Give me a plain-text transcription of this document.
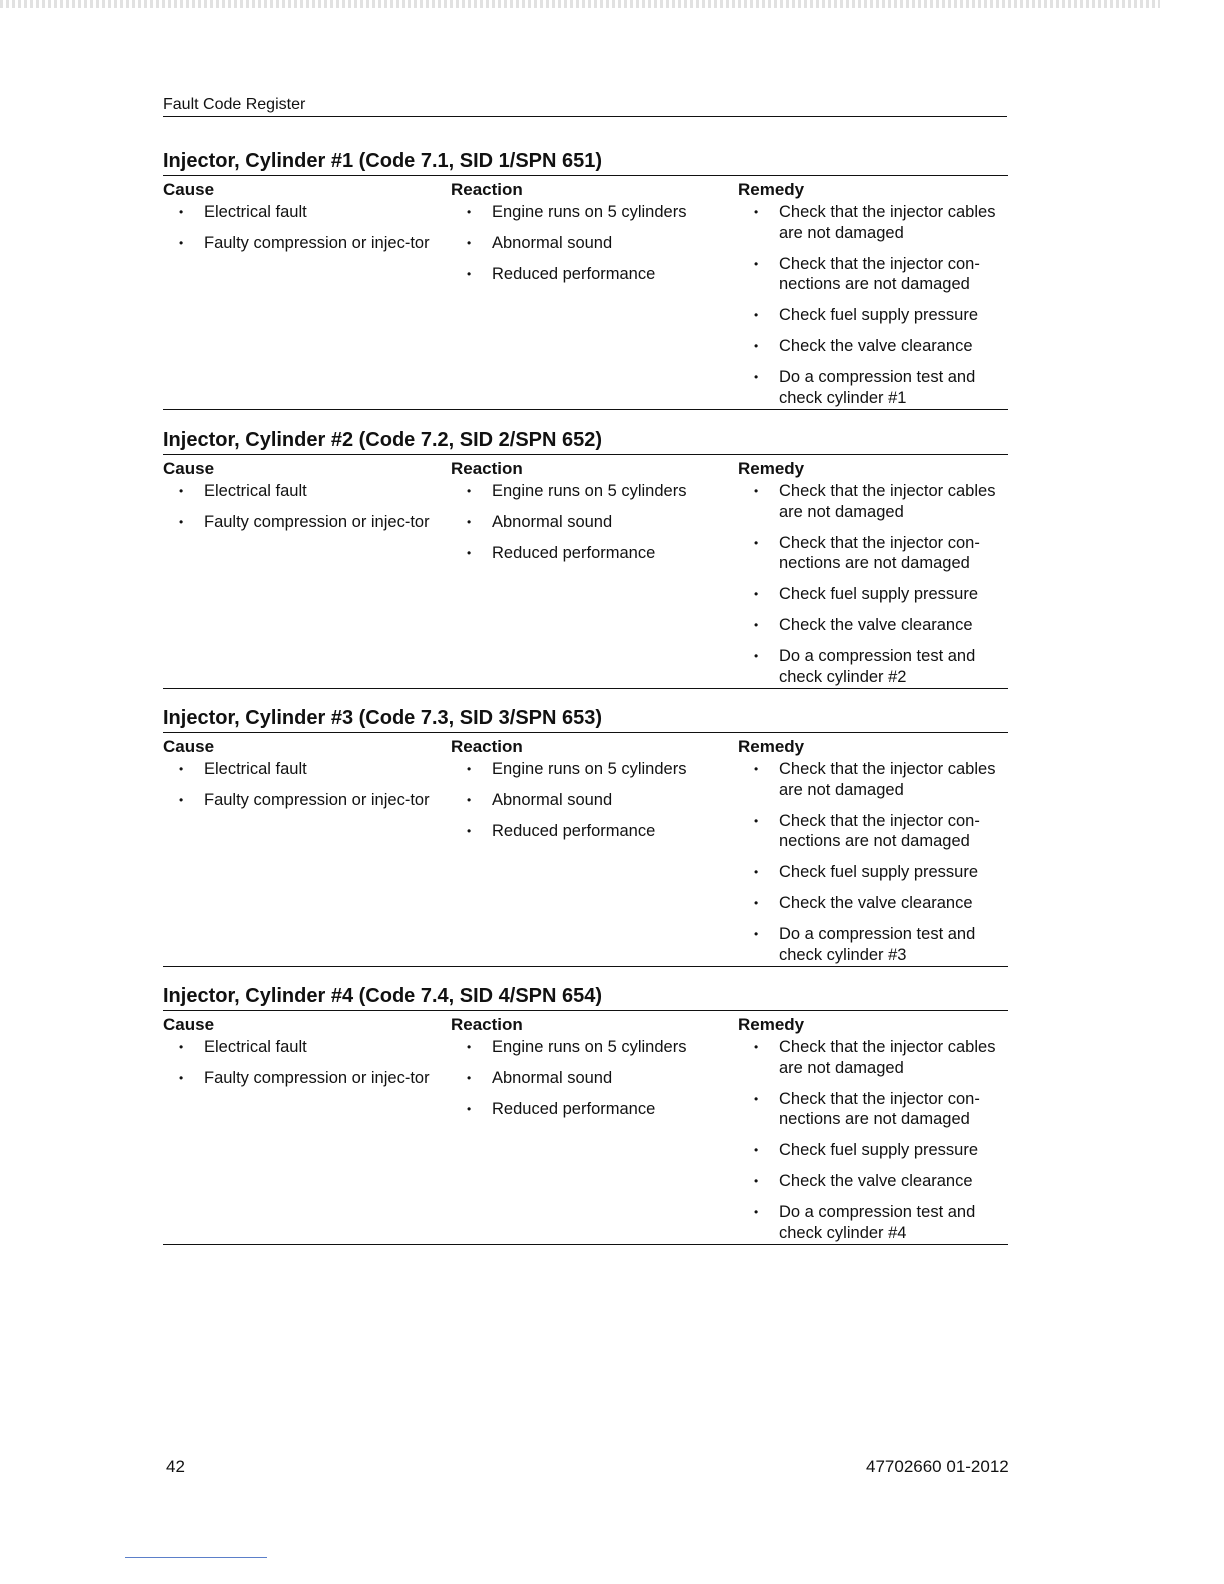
Fault Code Register
Injector, Cylinder #1 (Code 7.1, SID 1/SPN 651)
Cause
• Electrical fault
• Faulty compression or injec-tor
Reaction
• Engine runs on 5 cylinders
• Abnormal sound
• Reduced performance
Remedy
• Check that the injector cables are not damaged
• Check that the injector con-nections are not damaged
• Check fuel supply pressure
• Check the valve clearance
• Do a compression test and check cylinder #1
Injector, Cylinder #2 (Code 7.2, SID 2/SPN 652)
Cause
• Electrical fault
• Faulty compression or injec-tor
Reaction
• Engine runs on 5 cylinders
• Abnormal sound
• Reduced performance
Remedy
• Check that the injector cables are not damaged
• Check that the injector con-nections are not damaged
• Check fuel supply pressure
• Check the valve clearance
• Do a compression test and check cylinder #2
Injector, Cylinder #3 (Code 7.3, SID 3/SPN 653)
Cause
• Electrical fault
• Faulty compression or injec-tor
Reaction
• Engine runs on 5 cylinders
• Abnormal sound
• Reduced performance
Remedy
• Check that the injector cables are not damaged
• Check that the injector con-nections are not damaged
• Check fuel supply pressure
• Check the valve clearance
• Do a compression test and check cylinder #3
Injector, Cylinder #4 (Code 7.4, SID 4/SPN 654)
Cause
• Electrical fault
• Faulty compression or injec-tor
Reaction
• Engine runs on 5 cylinders
• Abnormal sound
• Reduced performance
Remedy
• Check that the injector cables are not damaged
• Check that the injector con-nections are not damaged
• Check fuel supply pressure
• Check the valve clearance
• Do a compression test and check cylinder #4
42	47702660 01-2012
